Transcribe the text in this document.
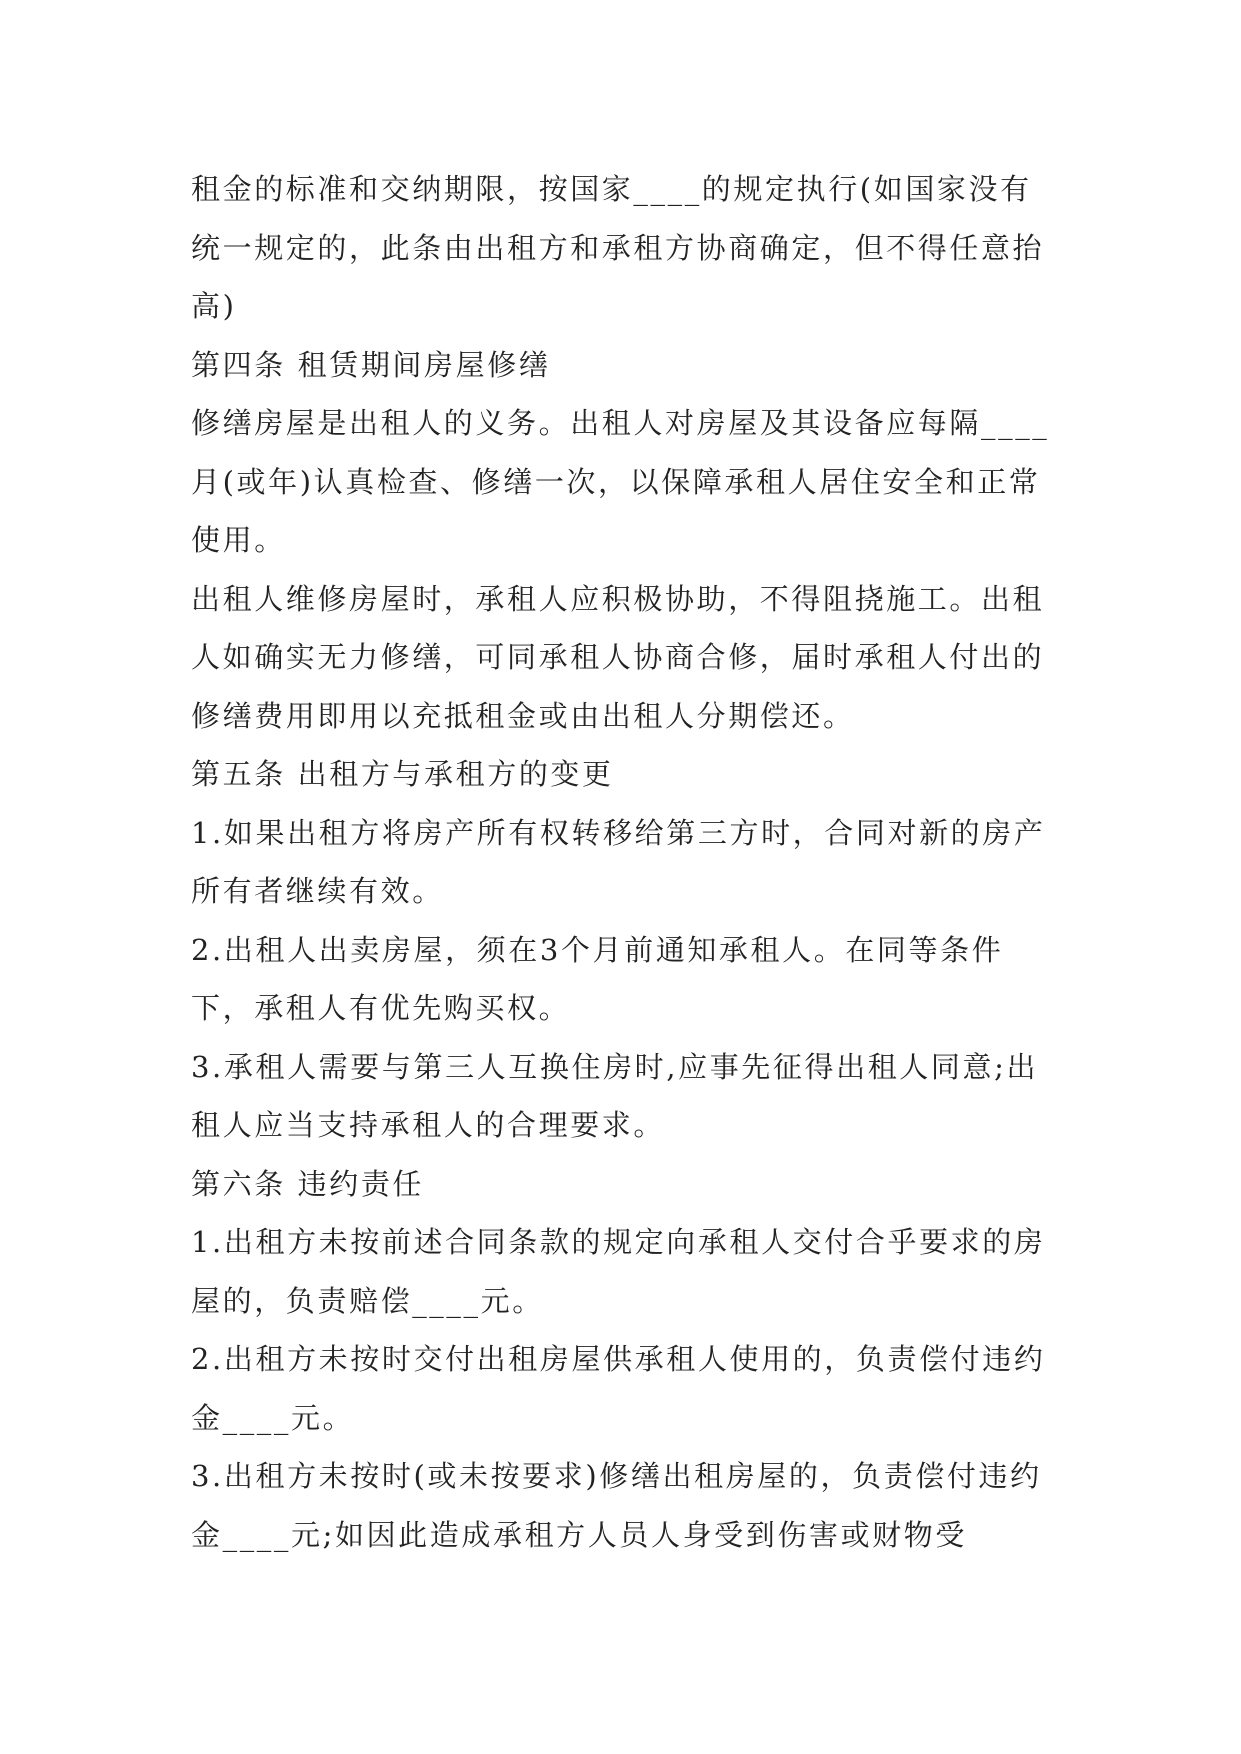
租金的标准和交纳期限，按国家____的规定执行(如国家没有统一规定的，此条由出租方和承租方协商确定，但不得任意抬高)

第四条 租赁期间房屋修缮

修缮房屋是出租人的义务。出租人对房屋及其设备应每隔____月(或年)认真检查、修缮一次，以保障承租人居住安全和正常使用。

出租人维修房屋时，承租人应积极协助，不得阻挠施工。出租人如确实无力修缮，可同承租人协商合修，届时承租人付出的修缮费用即用以充抵租金或由出租人分期偿还。

第五条 出租方与承租方的变更

1.如果出租方将房产所有权转移给第三方时，合同对新的房产所有者继续有效。

2.出租人出卖房屋，须在3个月前通知承租人。在同等条件下，承租人有优先购买权。

3.承租人需要与第三人互换住房时,应事先征得出租人同意;出租人应当支持承租人的合理要求。

第六条 违约责任

1.出租方未按前述合同条款的规定向承租人交付合乎要求的房屋的，负责赔偿____元。

2.出租方未按时交付出租房屋供承租人使用的，负责偿付违约金____元。

3.出租方未按时(或未按要求)修缮出租房屋的，负责偿付违约金____元;如因此造成承租方人员人身受到伤害或财物受
